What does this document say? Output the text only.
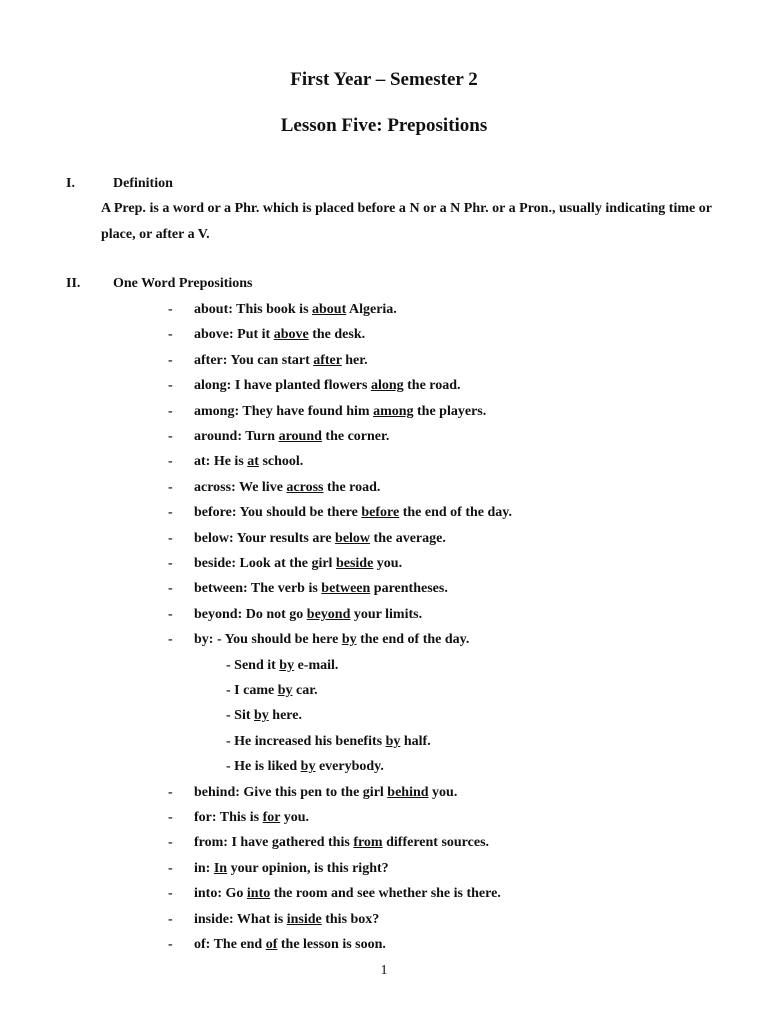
First Year – Semester 2
Lesson Five: Prepositions
I.	Definition
A Prep. is a word or a Phr. which is placed before a N or a N Phr. or a Pron., usually indicating time or place, or after a V.
II. One Word Prepositions
- about: This book is about Algeria.
- above: Put it above the desk.
- after: You can start after her.
- along: I have planted flowers along the road.
- among: They have found him among the players.
- around: Turn around the corner.
- at: He is at school.
- across: We live across the road.
- before: You should be there before the end of the day.
- below: Your results are below the average.
- beside: Look at the girl beside you.
- between: The verb is between parentheses.
- beyond: Do not go beyond your limits.
- by: - You should be here by the end of the day.
- Send it by e-mail.
- I came by car.
- Sit by here.
- He increased his benefits by half.
- He is liked by everybody.
- behind: Give this pen to the girl behind you.
- for: This is for you.
- from: I have gathered this from different sources.
- in: In your opinion, is this right?
- into: Go into the room and see whether she is there.
- inside: What is inside this box?
- of: The end of the lesson is soon.
1
